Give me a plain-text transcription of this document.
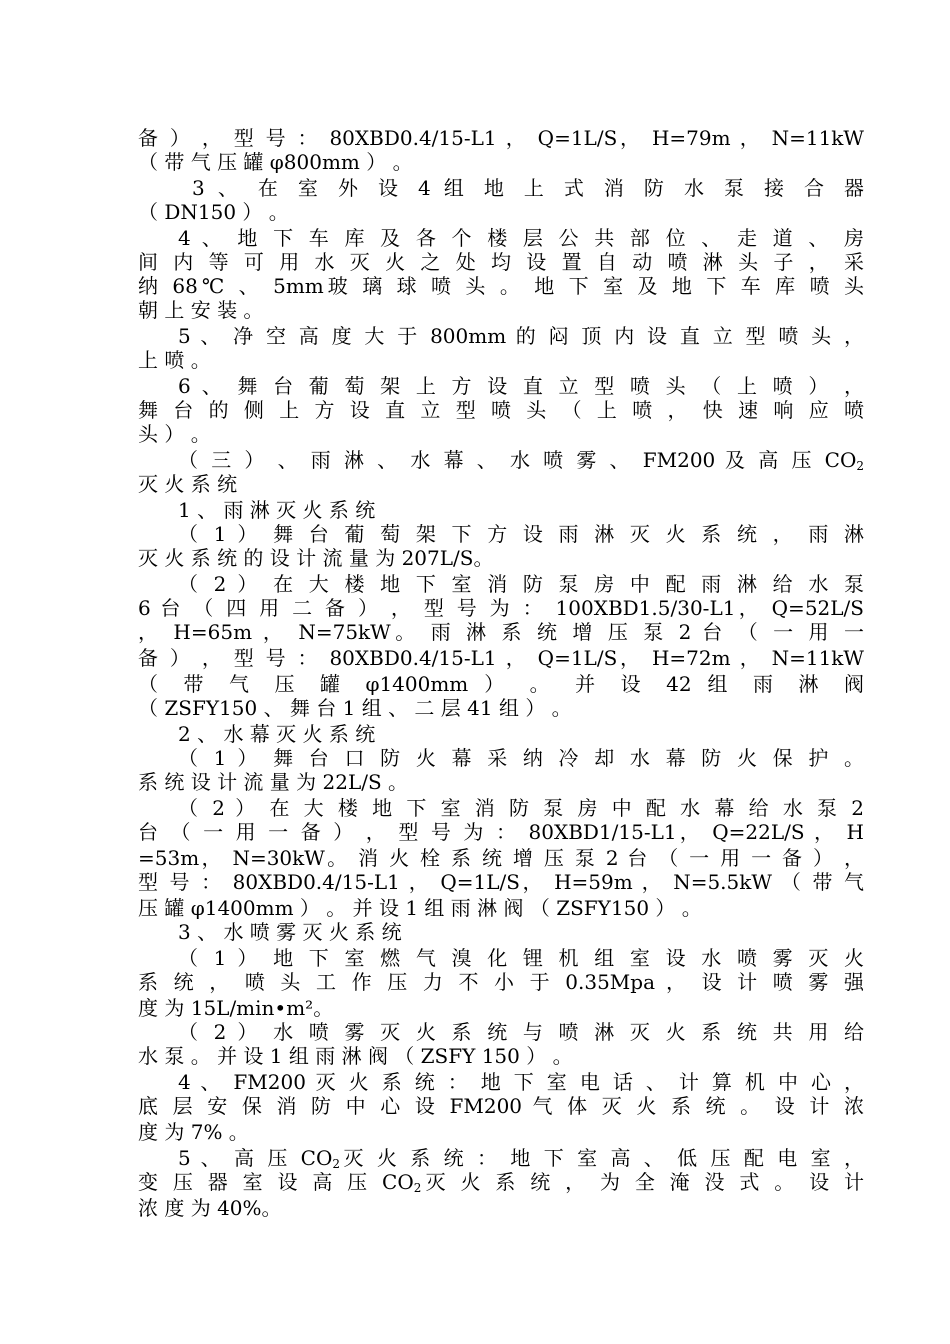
备 ） ， 型 号 ： 80XBD0.4/15-L1 ， Q=1L/S， H=79m ， N=11kW
（ 带 气 压 罐 φ800mm ） 。
3 、 在 室 外 设 4 组 地 上 式 消 防 水 泵 接 合 器
（ DN150 ） 。
4 、 地 下 车 库 及 各 个 楼 层 公 共 部 位 、 走 道 、 房
间 内 等 可 用 水 灭 火 之 处 均 设 置 自 动 喷 淋 头 子 ， 采
纳 68℃ 、 5mm玻 璃 球 喷 头 。 地 下 室 及 地 下 车 库 喷 头
朝 上 安 装 。
5 、 净 空 高 度 大 于 800mm 的 闷 顶 内 设 直 立 型 喷 头 ，
上 喷 。
6 、 舞 台 葡 萄 架 上 方 设 直 立 型 喷 头 （ 上 喷 ） ，
舞 台 的 侧 上 方 设 直 立 型 喷 头 （ 上 喷 ， 快 速 响 应 喷
头 ） 。
（ 三 ） 、 雨 淋 、 水 幕 、 水 喷 雾 、 FM200 及 高 压 $CO_2$
灭 火 系 统
1 、 雨 淋 灭 火 系 统
（ 1 ） 舞 台 葡 萄 架 下 方 设 雨 淋 灭 火 系 统 ， 雨 淋
灭 火 系 统 的 设 计 流 量 为 207L/S。
（ 2 ） 在 大 楼 地 下 室 消 防 泵 房 中 配 雨 淋 给 水 泵
6 台 （ 四 用 二 备 ） ， 型 号 为 ： 100XBD1.5/30-L1， Q=52L/S
， H=65m ， N=75kW。 雨 淋 系 统 增 压 泵 2 台 （ 一 用 一
备 ） ， 型 号 ： 80XBD0.4/15-L1 ， Q=1L/S， H=72m ， N=11kW
（ 带 气 压 罐 φ1400mm ） 。 并 设 42 组 雨 淋 阀
（ ZSFY150 、 舞 台 1 组 、 二 层 41 组 ） 。
2 、 水 幕 灭 火 系 统
（ 1 ） 舞 台 口 防 火 幕 采 纳 冷 却 水 幕 防 火 保 护 。
系 统 设 计 流 量 为 22L/S 。
（ 2 ） 在 大 楼 地 下 室 消 防 泵 房 中 配 水 幕 给 水 泵 2
台 （ 一 用 一 备 ） ， 型 号 为 ： 80XBD1/15-L1， Q=22L/S ， H
=53m， N=30kW。 消 火 栓 系 统 增 压 泵 2 台 （ 一 用 一 备 ） ，
型 号 ： 80XBD0.4/15-L1 ， Q=1L/S， H=59m ， N=5.5kW （ 带 气
压 罐 φ1400mm ） 。 并 设 1 组 雨 淋 阀 （ ZSFY150 ） 。
3 、 水 喷 雾 灭 火 系 统
（ 1 ） 地 下 室 燃 气 溴 化 锂 机 组 室 设 水 喷 雾 灭 火
系 统 ， 喷 头 工 作 压 力 不 小 于 0.35Mpa ， 设 计 喷 雾 强
度 为 15L/min•m²。
（ 2 ） 水 喷 雾 灭 火 系 统 与 喷 淋 灭 火 系 统 共 用 给
水 泵 。 并 设 1 组 雨 淋 阀 （ ZSFY 150 ） 。
4 、 FM200 灭 火 系 统 ： 地 下 室 电 话 、 计 算 机 中 心 ，
底 层 安 保 消 防 中 心 设 FM200 气 体 灭 火 系 统 。 设 计 浓
度 为 7% 。
5 、 高 压 $CO_2$灭 火 系 统 ： 地 下 室 高 、 低 压 配 电 室 ，
变 压 器 室 设 高 压 $CO_2$灭 火 系 统 ， 为 全 淹 没 式 。 设 计
浓 度 为 40%。
